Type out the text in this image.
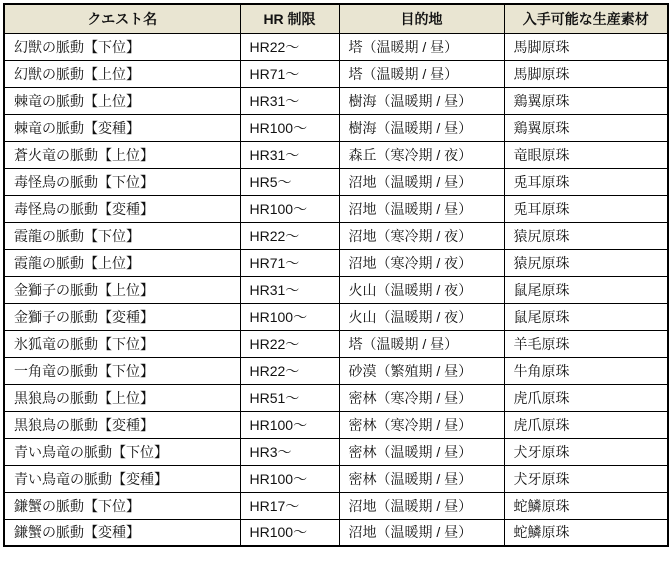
クエスト名	HR 制限	目的地	入手可能な生産素材
幻獣の脈動【下位】	HR22～	塔（温暖期 / 昼）	馬脚原珠
幻獣の脈動【上位】	HR71～	塔（温暖期 / 昼）	馬脚原珠
棘竜の脈動【上位】	HR31～	樹海（温暖期 / 昼）	鶏翼原珠
棘竜の脈動【変種】	HR100～	樹海（温暖期 / 昼）	鶏翼原珠
蒼火竜の脈動【上位】	HR31～	森丘（寒冷期 / 夜）	竜眼原珠
毒怪鳥の脈動【下位】	HR5～	沼地（温暖期 / 昼）	兎耳原珠
毒怪鳥の脈動【変種】	HR100～	沼地（温暖期 / 昼）	兎耳原珠
霞龍の脈動【下位】	HR22～	沼地（寒冷期 / 夜）	猿尻原珠
霞龍の脈動【上位】	HR71～	沼地（寒冷期 / 夜）	猿尻原珠
金獅子の脈動【上位】	HR31～	火山（温暖期 / 夜）	鼠尾原珠
金獅子の脈動【変種】	HR100～	火山（温暖期 / 夜）	鼠尾原珠
氷狐竜の脈動【下位】	HR22～	塔（温暖期 / 昼）	羊毛原珠
一角竜の脈動【下位】	HR22～	砂漠（繁殖期 / 昼）	牛角原珠
黒狼鳥の脈動【上位】	HR51～	密林（寒冷期 / 昼）	虎爪原珠
黒狼鳥の脈動【変種】	HR100～	密林（寒冷期 / 昼）	虎爪原珠
青い鳥竜の脈動【下位】	HR3～	密林（温暖期 / 昼）	犬牙原珠
青い鳥竜の脈動【変種】	HR100～	密林（温暖期 / 昼）	犬牙原珠
鎌蟹の脈動【下位】	HR17～	沼地（温暖期 / 昼）	蛇鱗原珠
鎌蟹の脈動【変種】	HR100～	沼地（温暖期 / 昼）	蛇鱗原珠
